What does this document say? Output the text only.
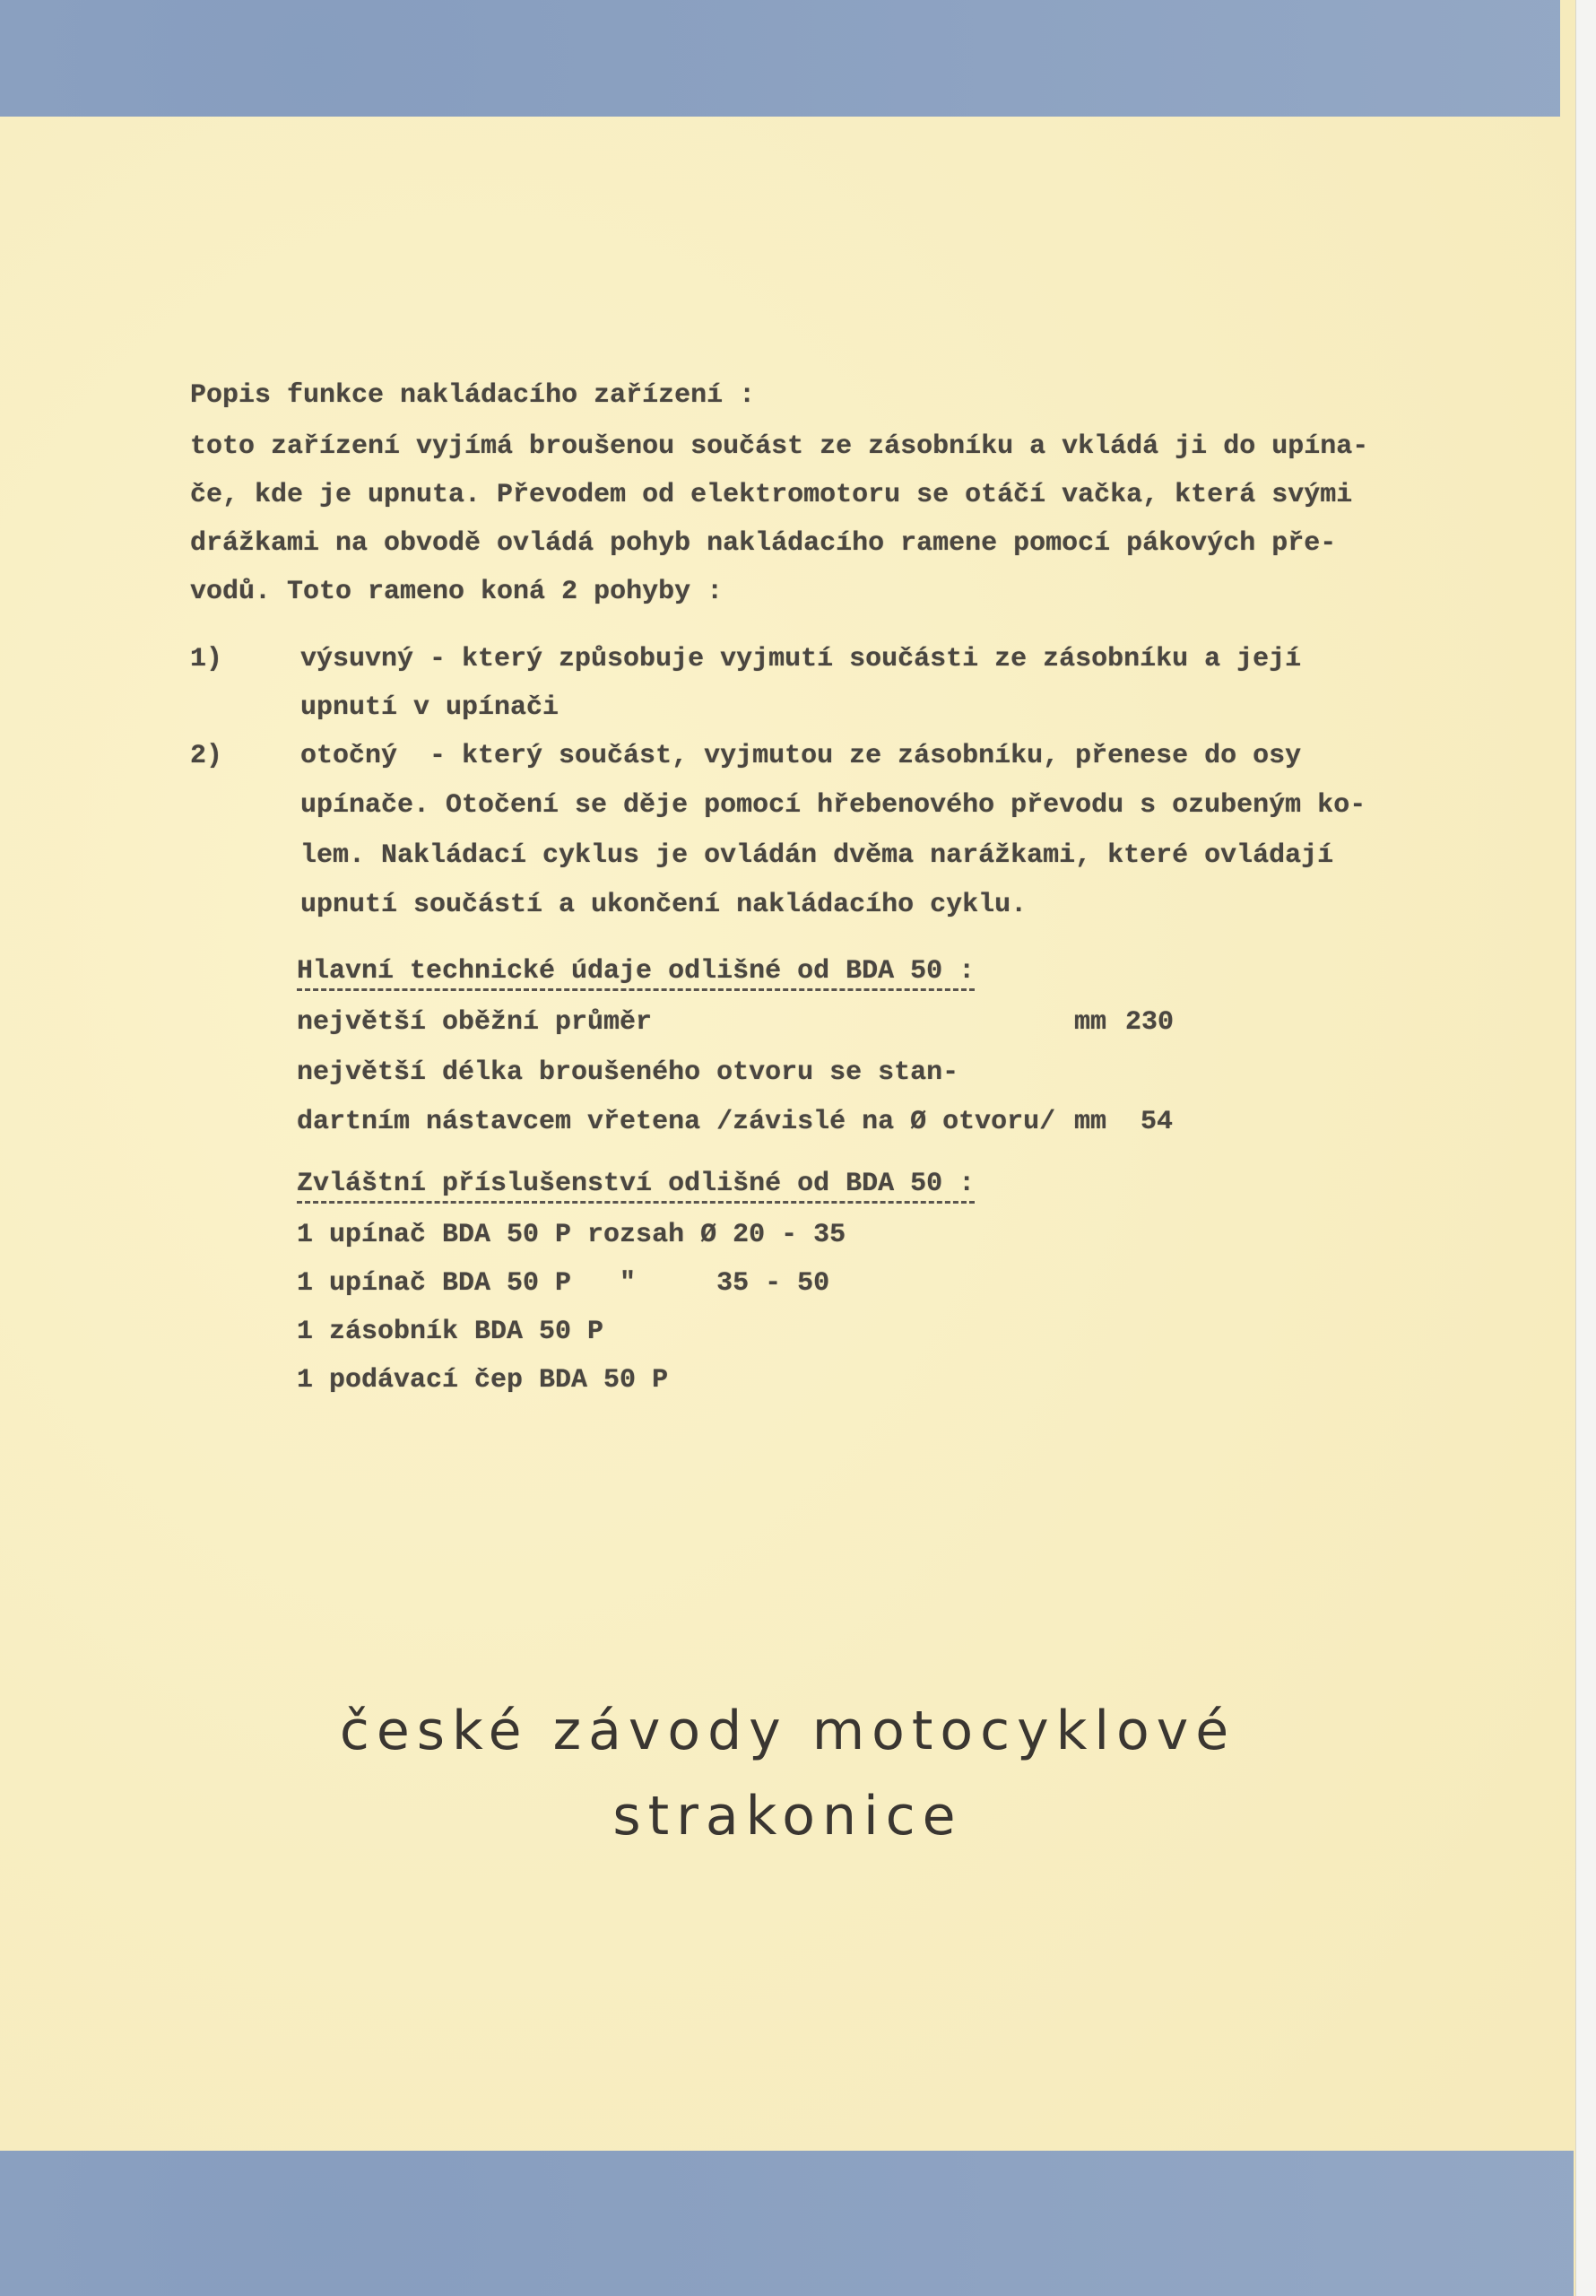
Popis funkce nakládacího zařízení :
toto zařízení vyjímá broušenou součást ze zásobníku a vkládá ji do upína-
če, kde je upnuta. Převodem od elektromotoru se otáčí vačka, která svými
drážkami na obvodě ovládá pohyb nakládacího ramene pomocí pákových pře-
vodů. Toto rameno koná 2 pohyby :
1)	výsuvný - který způsobuje vyjmutí součásti ze zásobníku a její
upnutí v upínači
2)	otočný  - který součást, vyjmutou ze zásobníku, přenese do osy
upínače. Otočení se děje pomocí hřebenového převodu s ozubeným ko-
lem. Nakládací cyklus je ovládán dvěma narážkami, které ovládají
upnutí součástí a ukončení nakládacího cyklu.
Hlavní technické údaje odlišné od BDA 50 :
největší oběžní průměr	mm 230
největší délka broušeného otvoru se stan-
dartním nástavcem vřetena /závislé na Ø otvoru/ mm 54
Zvláštní příslušenství odlišné od BDA 50 :
1 upínač BDA 50 P rozsah Ø 20 - 35
1 upínač BDA 50 P   "     35 - 50
1 zásobník BDA 50 P
1 podávací čep BDA 50 P
české závody motocyklové
strakonice
